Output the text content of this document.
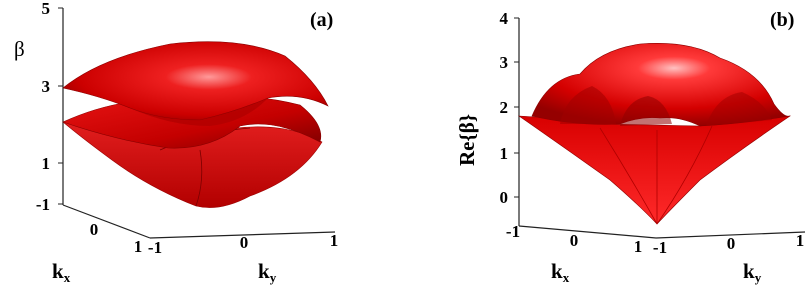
5
3
1
-1
0
1 -1	0	1
β
kx	ky
(a)	4
3
2
1
0
-1	0	1 -1	0	1
Re{β}
kx	ky
(b)
